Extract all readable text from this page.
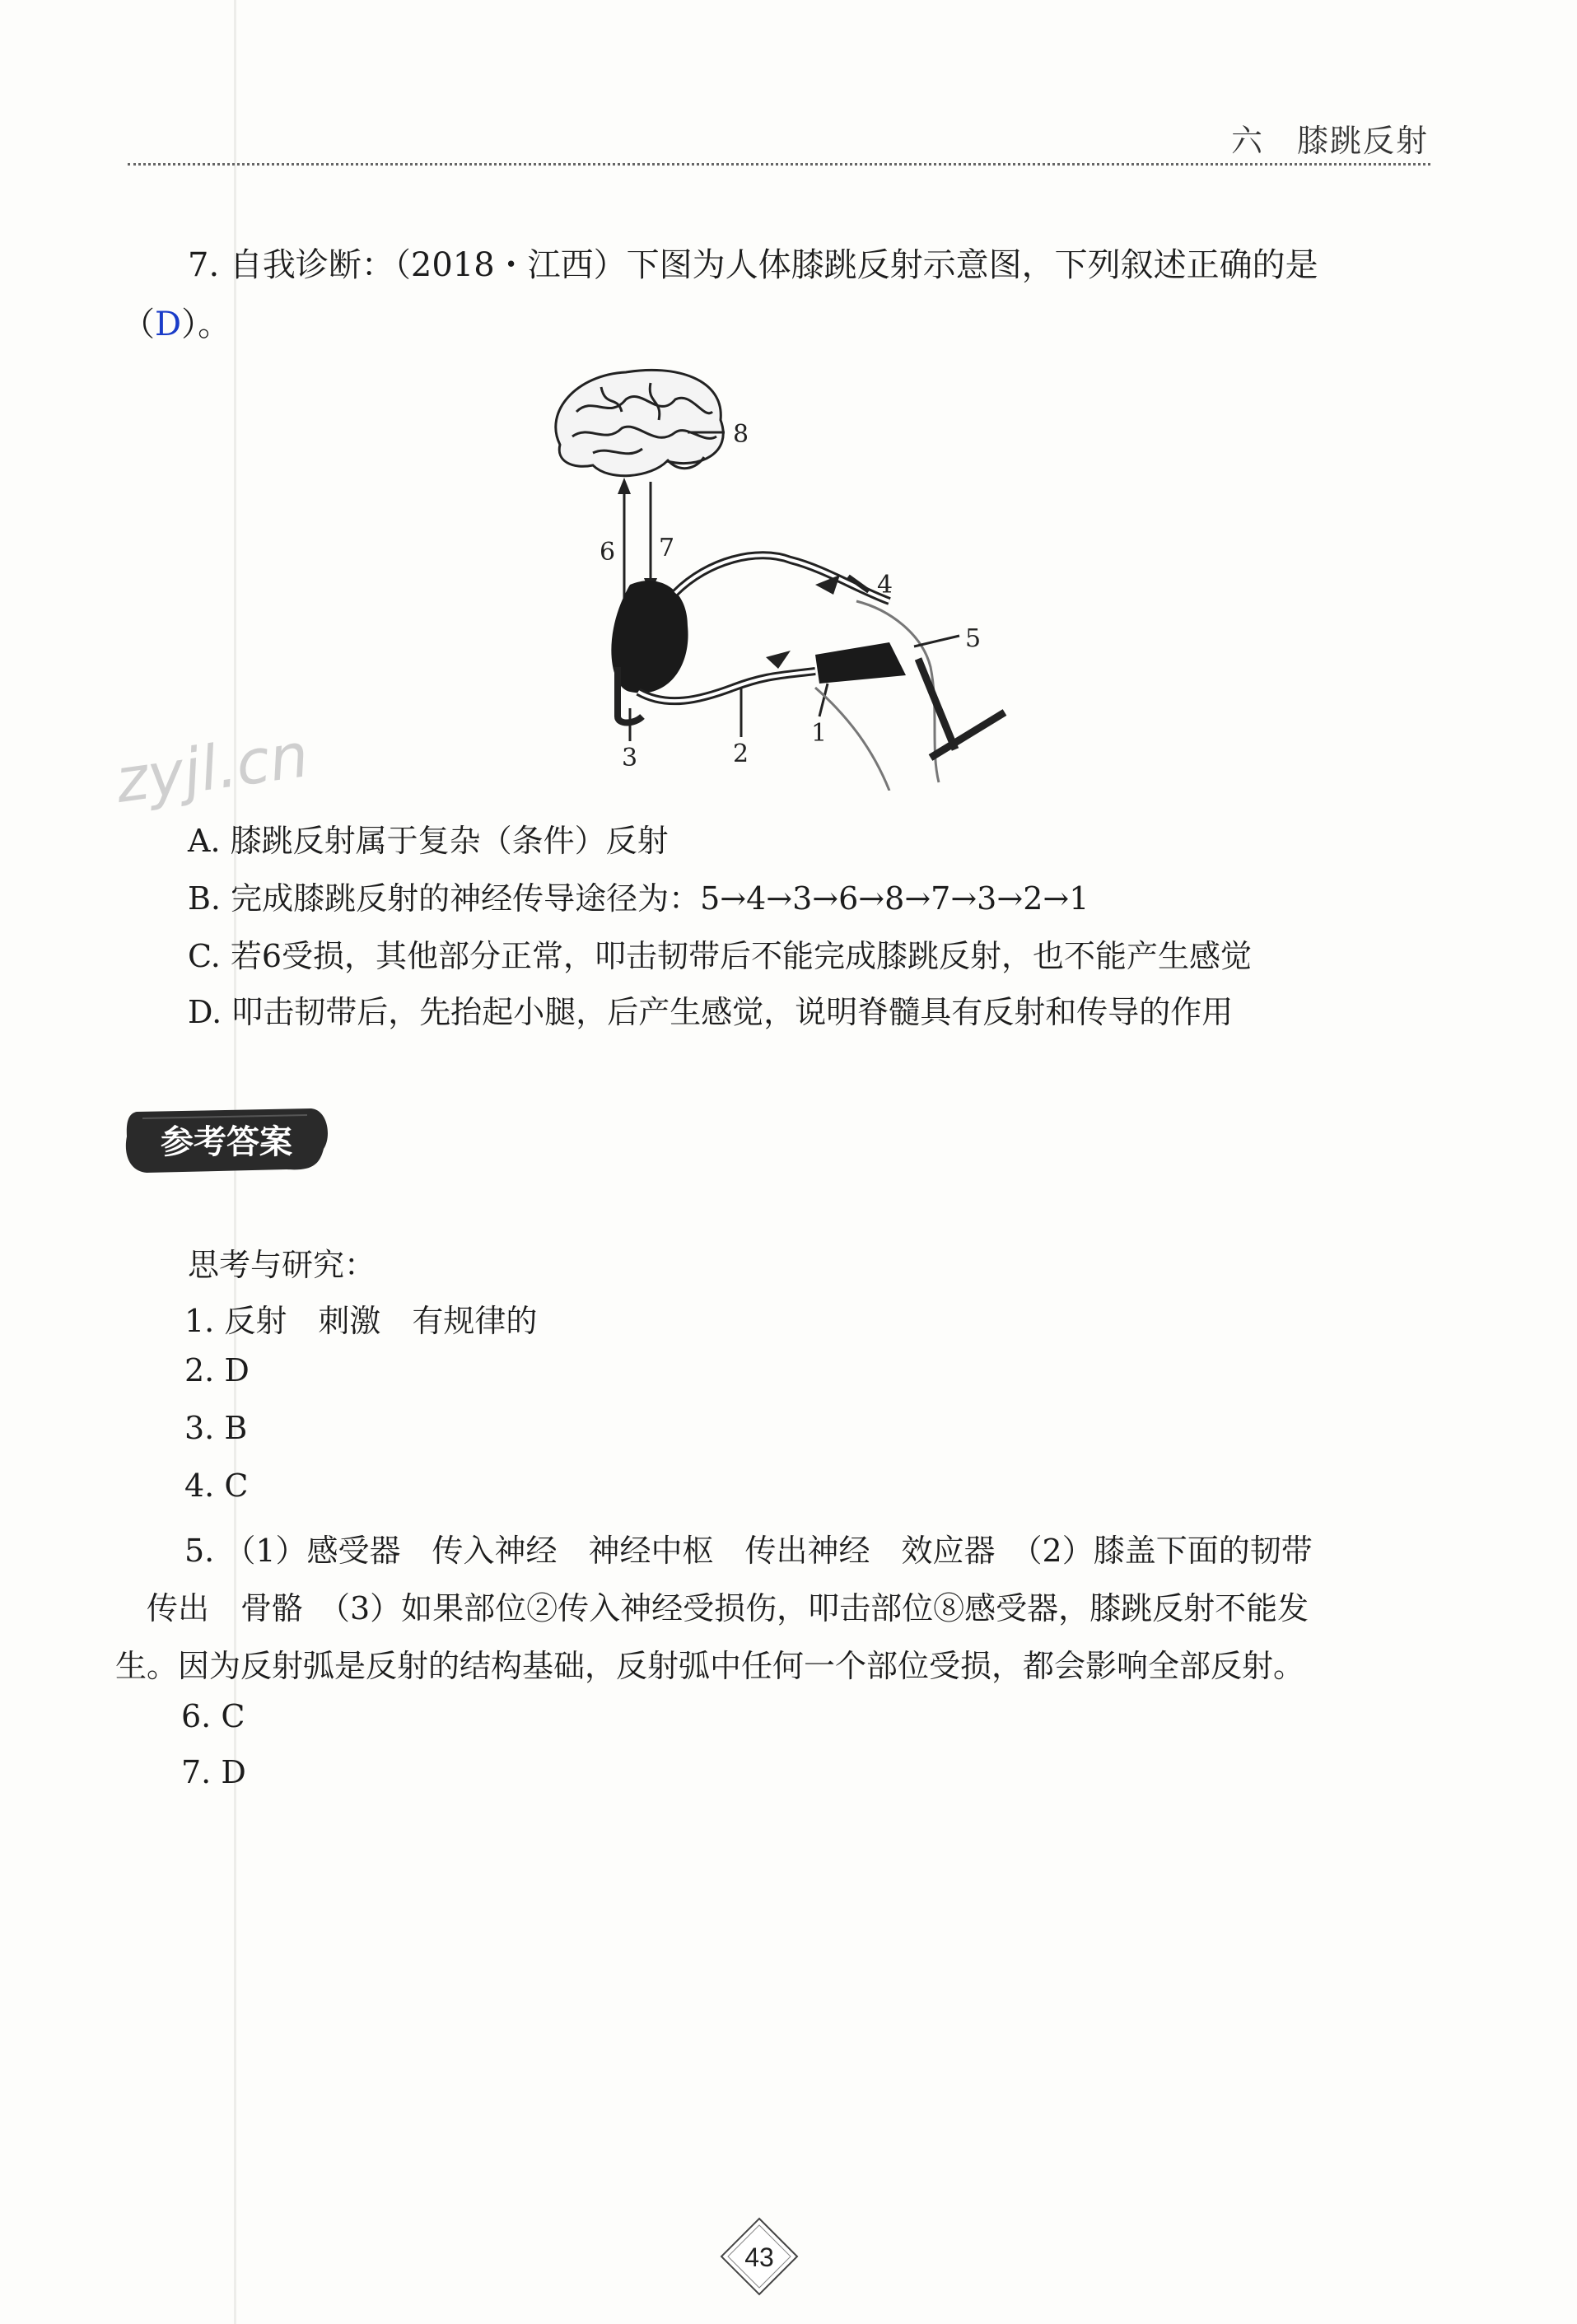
六　膝跳反射
7. 自我诊断：（2018・江西）下图为人体膝跳反射示意图，下列叙述正确的是
（D）。
8
6 7
4
2
3
1
5
zyjl.cn
A. 膝跳反射属于复杂（条件）反射
B. 完成膝跳反射的神经传导途径为：5→4→3→6→8→7→3→2→1
C. 若6受损，其他部分正常，叩击韧带后不能完成膝跳反射，也不能产生感觉
D. 叩击韧带后，先抬起小腿，后产生感觉，说明脊髓具有反射和传导的作用
参考答案
思考与研究：
1. 反射　刺激　有规律的
2. D
3. B
4. C
5. （1）感受器　传入神经　神经中枢　传出神经　效应器　（2）膝盖下面的韧带
传出　骨骼　（3）如果部位②传入神经受损伤，叩击部位⑧感受器，膝跳反射不能发
生。因为反射弧是反射的结构基础，反射弧中任何一个部位受损，都会影响全部反射。
6. C
7. D
43
